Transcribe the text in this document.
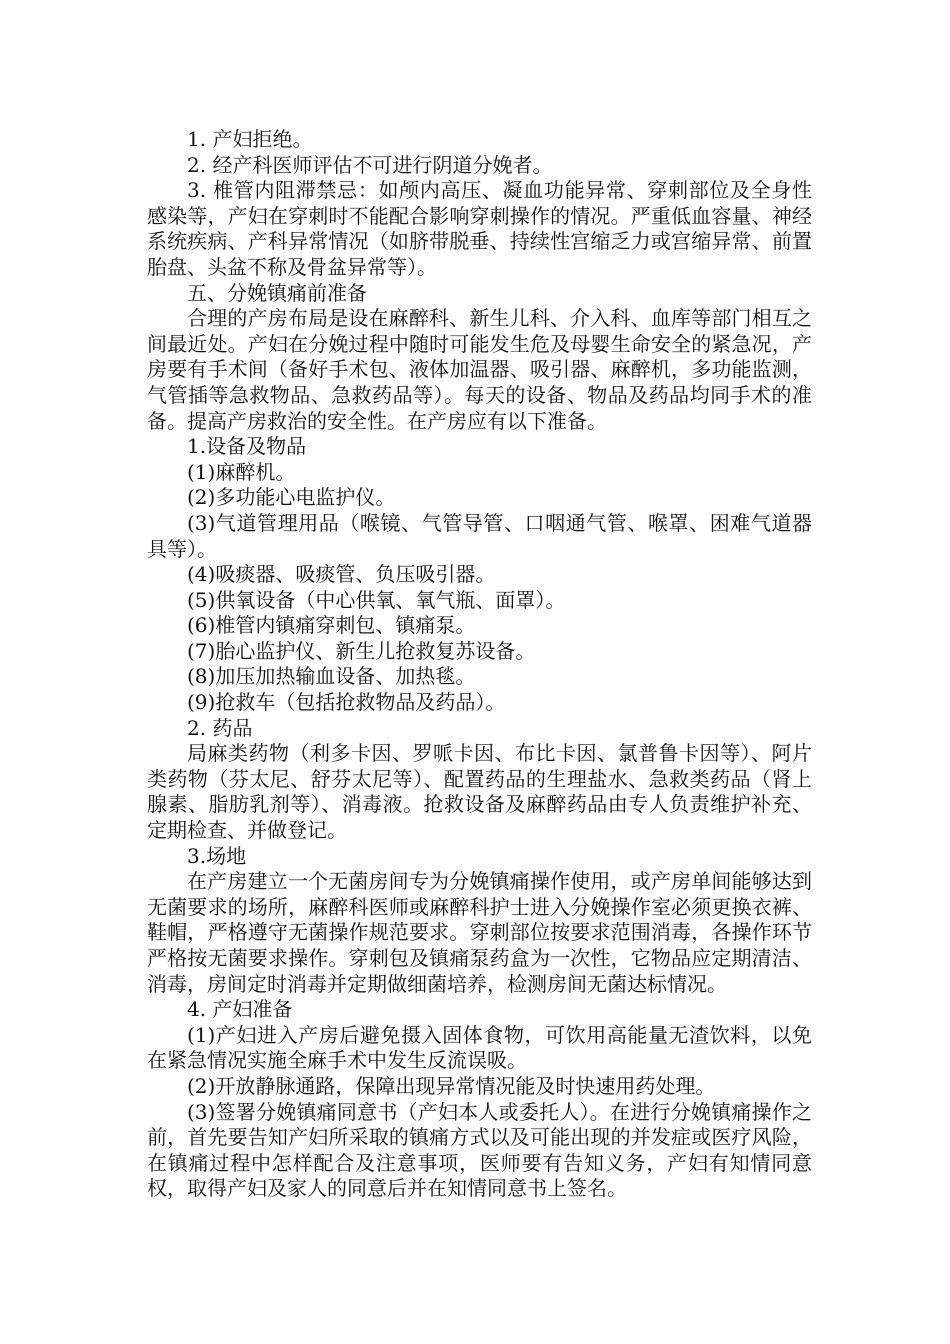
1. 产妇拒绝。

2. 经产科医师评估不可进行阴道分娩者。

3. 椎管内阻滞禁忌：如颅内高压、凝血功能异常、穿刺部位及全身性感染等，产妇在穿刺时不能配合影响穿刺操作的情况。严重低血容量、神经系统疾病、产科异常情况（如脐带脱垂、持续性宫缩乏力或宫缩异常、前置胎盘、头盆不称及骨盆异常等）。

五、分娩镇痛前准备

合理的产房布局是设在麻醉科、新生儿科、介入科、血库等部门相互之间最近处。产妇在分娩过程中随时可能发生危及母婴生命安全的紧急况，产房要有手术间（备好手术包、液体加温器、吸引器、麻醉机，多功能监测，气管插等急救物品、急救药品等）。每天的设备、物品及药品均同手术的准备。提高产房救治的安全性。在产房应有以下准备。

1.设备及物品

(1)麻醉机。

(2)多功能心电监护仪。

(3)气道管理用品（喉镜、气管导管、口咽通气管、喉罩、困难气道器具等）。

(4)吸痰器、吸痰管、负压吸引器。

(5)供氧设备（中心供氧、氧气瓶、面罩）。

(6)椎管内镇痛穿刺包、镇痛泵。

(7)胎心监护仪、新生儿抢救复苏设备。

(8)加压加热输血设备、加热毯。

(9)抢救车（包括抢救物品及药品）。

2. 药品

局麻类药物（利多卡因、罗哌卡因、布比卡因、氯普鲁卡因等）、阿片类药物（芬太尼、舒芬太尼等）、配置药品的生理盐水、急救类药品（肾上腺素、脂肪乳剂等）、消毒液。抢救设备及麻醉药品由专人负责维护补充、定期检查、并做登记。

3.场地

在产房建立一个无菌房间专为分娩镇痛操作使用，或产房单间能够达到无菌要求的场所，麻醉科医师或麻醉科护士进入分娩操作室必须更换衣裤、鞋帽，严格遵守无菌操作规范要求。穿刺部位按要求范围消毒，各操作环节严格按无菌要求操作。穿刺包及镇痛泵药盒为一次性，它物品应定期清洁、消毒，房间定时消毒并定期做细菌培养，检测房间无菌达标情况。

4. 产妇准备

(1)产妇进入产房后避免摄入固体食物，可饮用高能量无渣饮料，以免在紧急情况实施全麻手术中发生反流误吸。

(2)开放静脉通路，保障出现异常情况能及时快速用药处理。

(3)签署分娩镇痛同意书（产妇本人或委托人）。在进行分娩镇痛操作之前，首先要告知产妇所采取的镇痛方式以及可能出现的并发症或医疗风险，在镇痛过程中怎样配合及注意事项，医师要有告知义务，产妇有知情同意权，取得产妇及家人的同意后并在知情同意书上签名。
